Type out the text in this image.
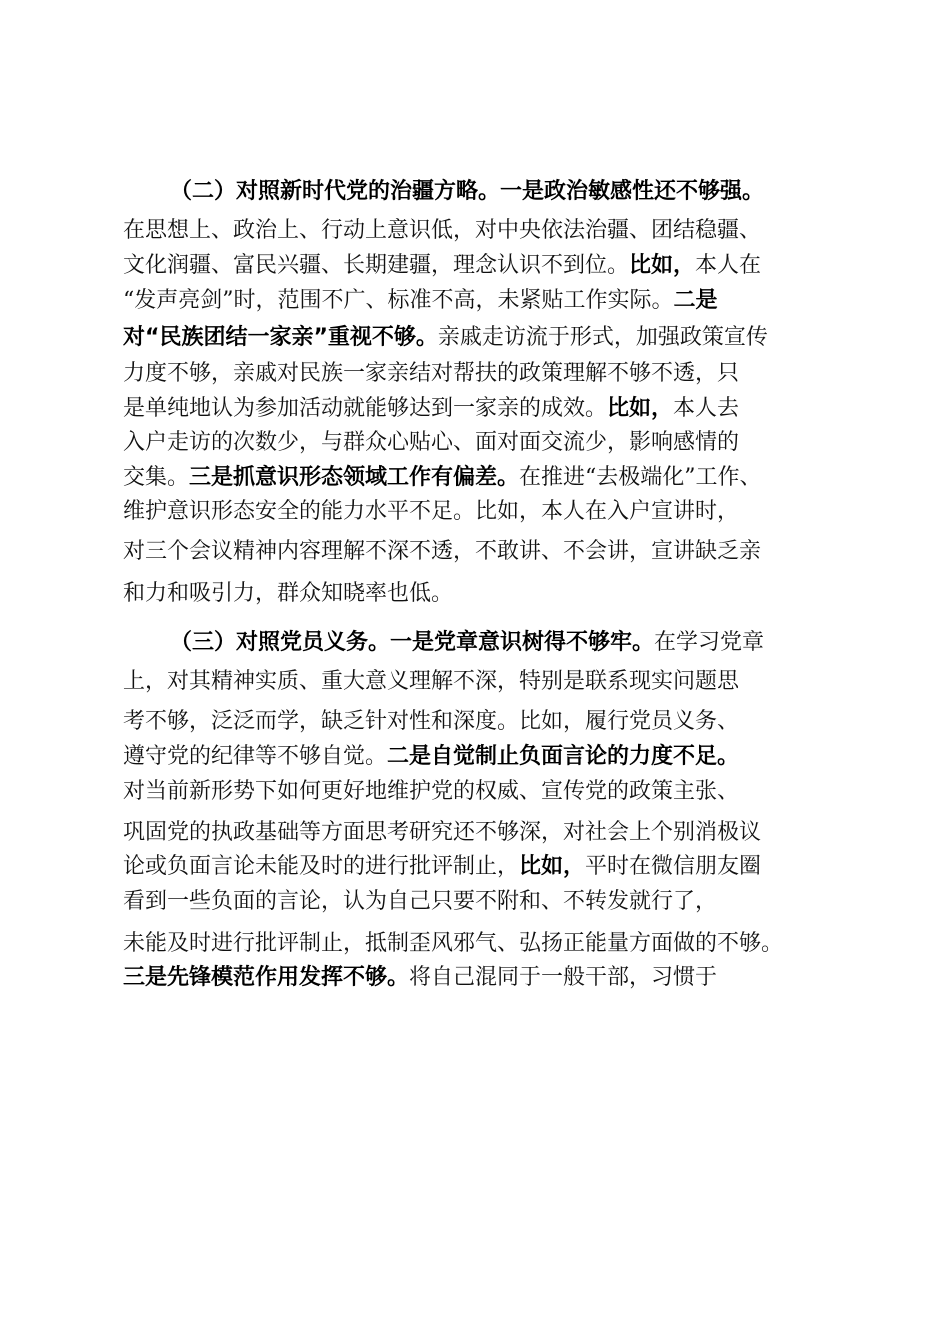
（二）对照新时代党的治疆方略。一是政治敏感性还不够强。
在思想上、政治上、行动上意识低，对中央依法治疆、团结稳疆、
文化润疆、富民兴疆、长期建疆，理念认识不到位。比如，本人在
“发声亮剑”时，范围不广、标准不高，未紧贴工作实际。二是
对“民族团结一家亲”重视不够。亲戚走访流于形式，加强政策宣传
力度不够，亲戚对民族一家亲结对帮扶的政策理解不够不透，只
是单纯地认为参加活动就能够达到一家亲的成效。比如，本人去
入户走访的次数少，与群众心贴心、面对面交流少，影响感情的
交集。三是抓意识形态领域工作有偏差。在推进“去极端化”工作、
维护意识形态安全的能力水平不足。比如，本人在入户宣讲时，
对三个会议精神内容理解不深不透，不敢讲、不会讲，宣讲缺乏亲
和力和吸引力，群众知晓率也低。
（三）对照党员义务。一是党章意识树得不够牢。在学习党章
上，对其精神实质、重大意义理解不深，特别是联系现实问题思
考不够，泛泛而学，缺乏针对性和深度。比如，履行党员义务、
遵守党的纪律等不够自觉。二是自觉制止负面言论的力度不足。
对当前新形势下如何更好地维护党的权威、宣传党的政策主张、
巩固党的执政基础等方面思考研究还不够深，对社会上个别消极议
论或负面言论未能及时的进行批评制止，比如，平时在微信朋友圈
看到一些负面的言论，认为自己只要不附和、不转发就行了，
未能及时进行批评制止，抵制歪风邪气、弘扬正能量方面做的不够。
三是先锋模范作用发挥不够。将自己混同于一般干部，习惯于
